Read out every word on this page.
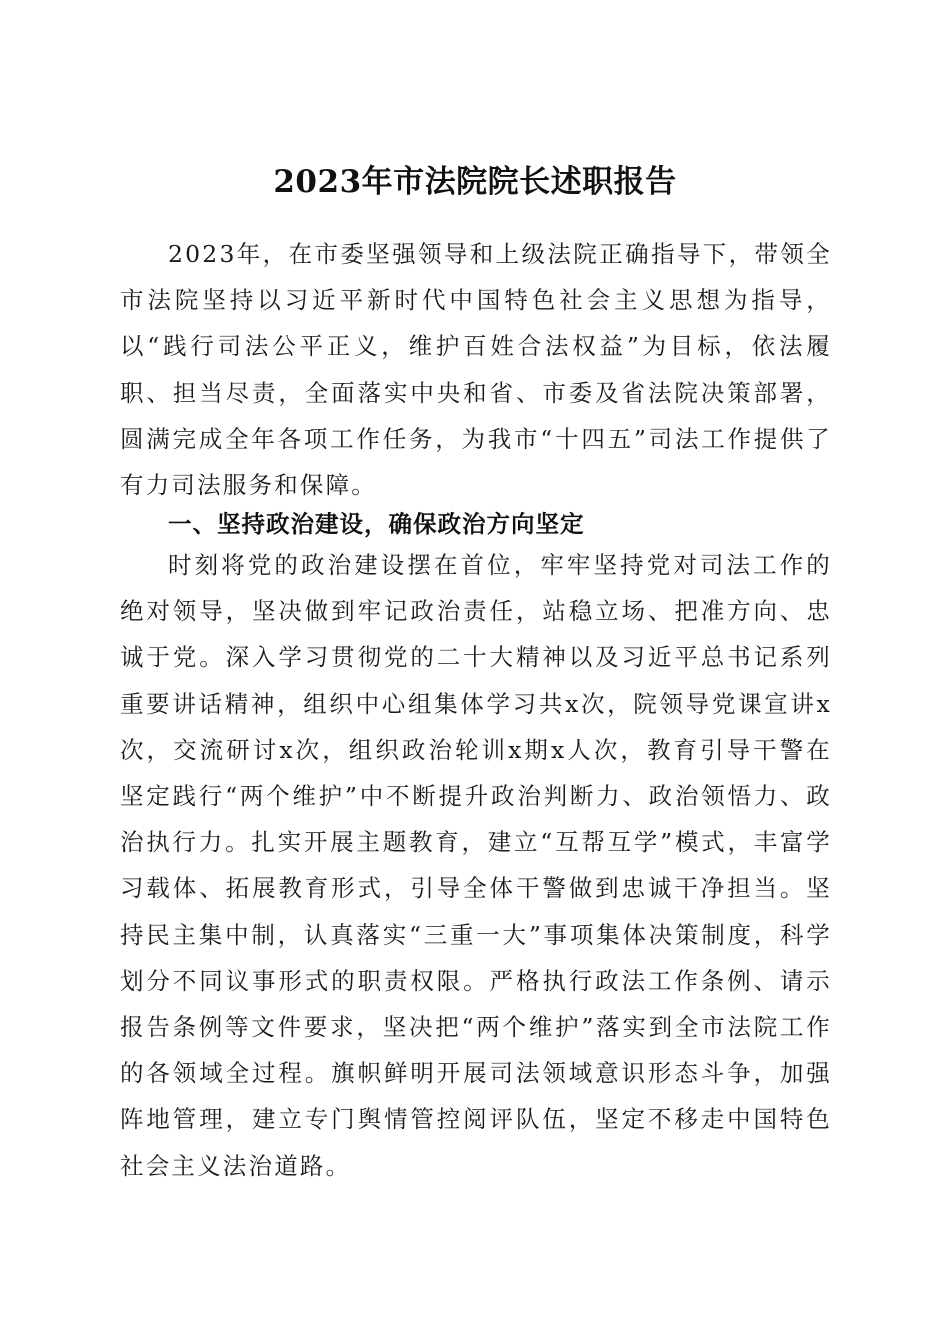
2023年市法院院长述职报告

2023年，在市委坚强领导和上级法院正确指导下，带领全市法院坚持以习近平新时代中国特色社会主义思想为指导，以“践行司法公平正义，维护百姓合法权益”为目标，依法履职、担当尽责，全面落实中央和省、市委及省法院决策部署，圆满完成全年各项工作任务，为我市“十四五”司法工作提供了有力司法服务和保障。

一、坚持政治建设，确保政治方向坚定

时刻将党的政治建设摆在首位，牢牢坚持党对司法工作的绝对领导，坚决做到牢记政治责任，站稳立场、把准方向、忠诚于党。深入学习贯彻党的二十大精神以及习近平总书记系列重要讲话精神，组织中心组集体学习共x次，院领导党课宣讲x次，交流研讨x次，组织政治轮训x期x人次，教育引导干警在坚定践行“两个维护”中不断提升政治判断力、政治领悟力、政治执行力。扎实开展主题教育，建立“互帮互学”模式，丰富学习载体、拓展教育形式，引导全体干警做到忠诚干净担当。坚持民主集中制，认真落实“三重一大”事项集体决策制度，科学划分不同议事形式的职责权限。严格执行政法工作条例、请示报告条例等文件要求，坚决把“两个维护”落实到全市法院工作的各领域全过程。旗帜鲜明开展司法领域意识形态斗争，加强阵地管理，建立专门舆情管控阅评队伍，坚定不移走中国特色社会主义法治道路。
